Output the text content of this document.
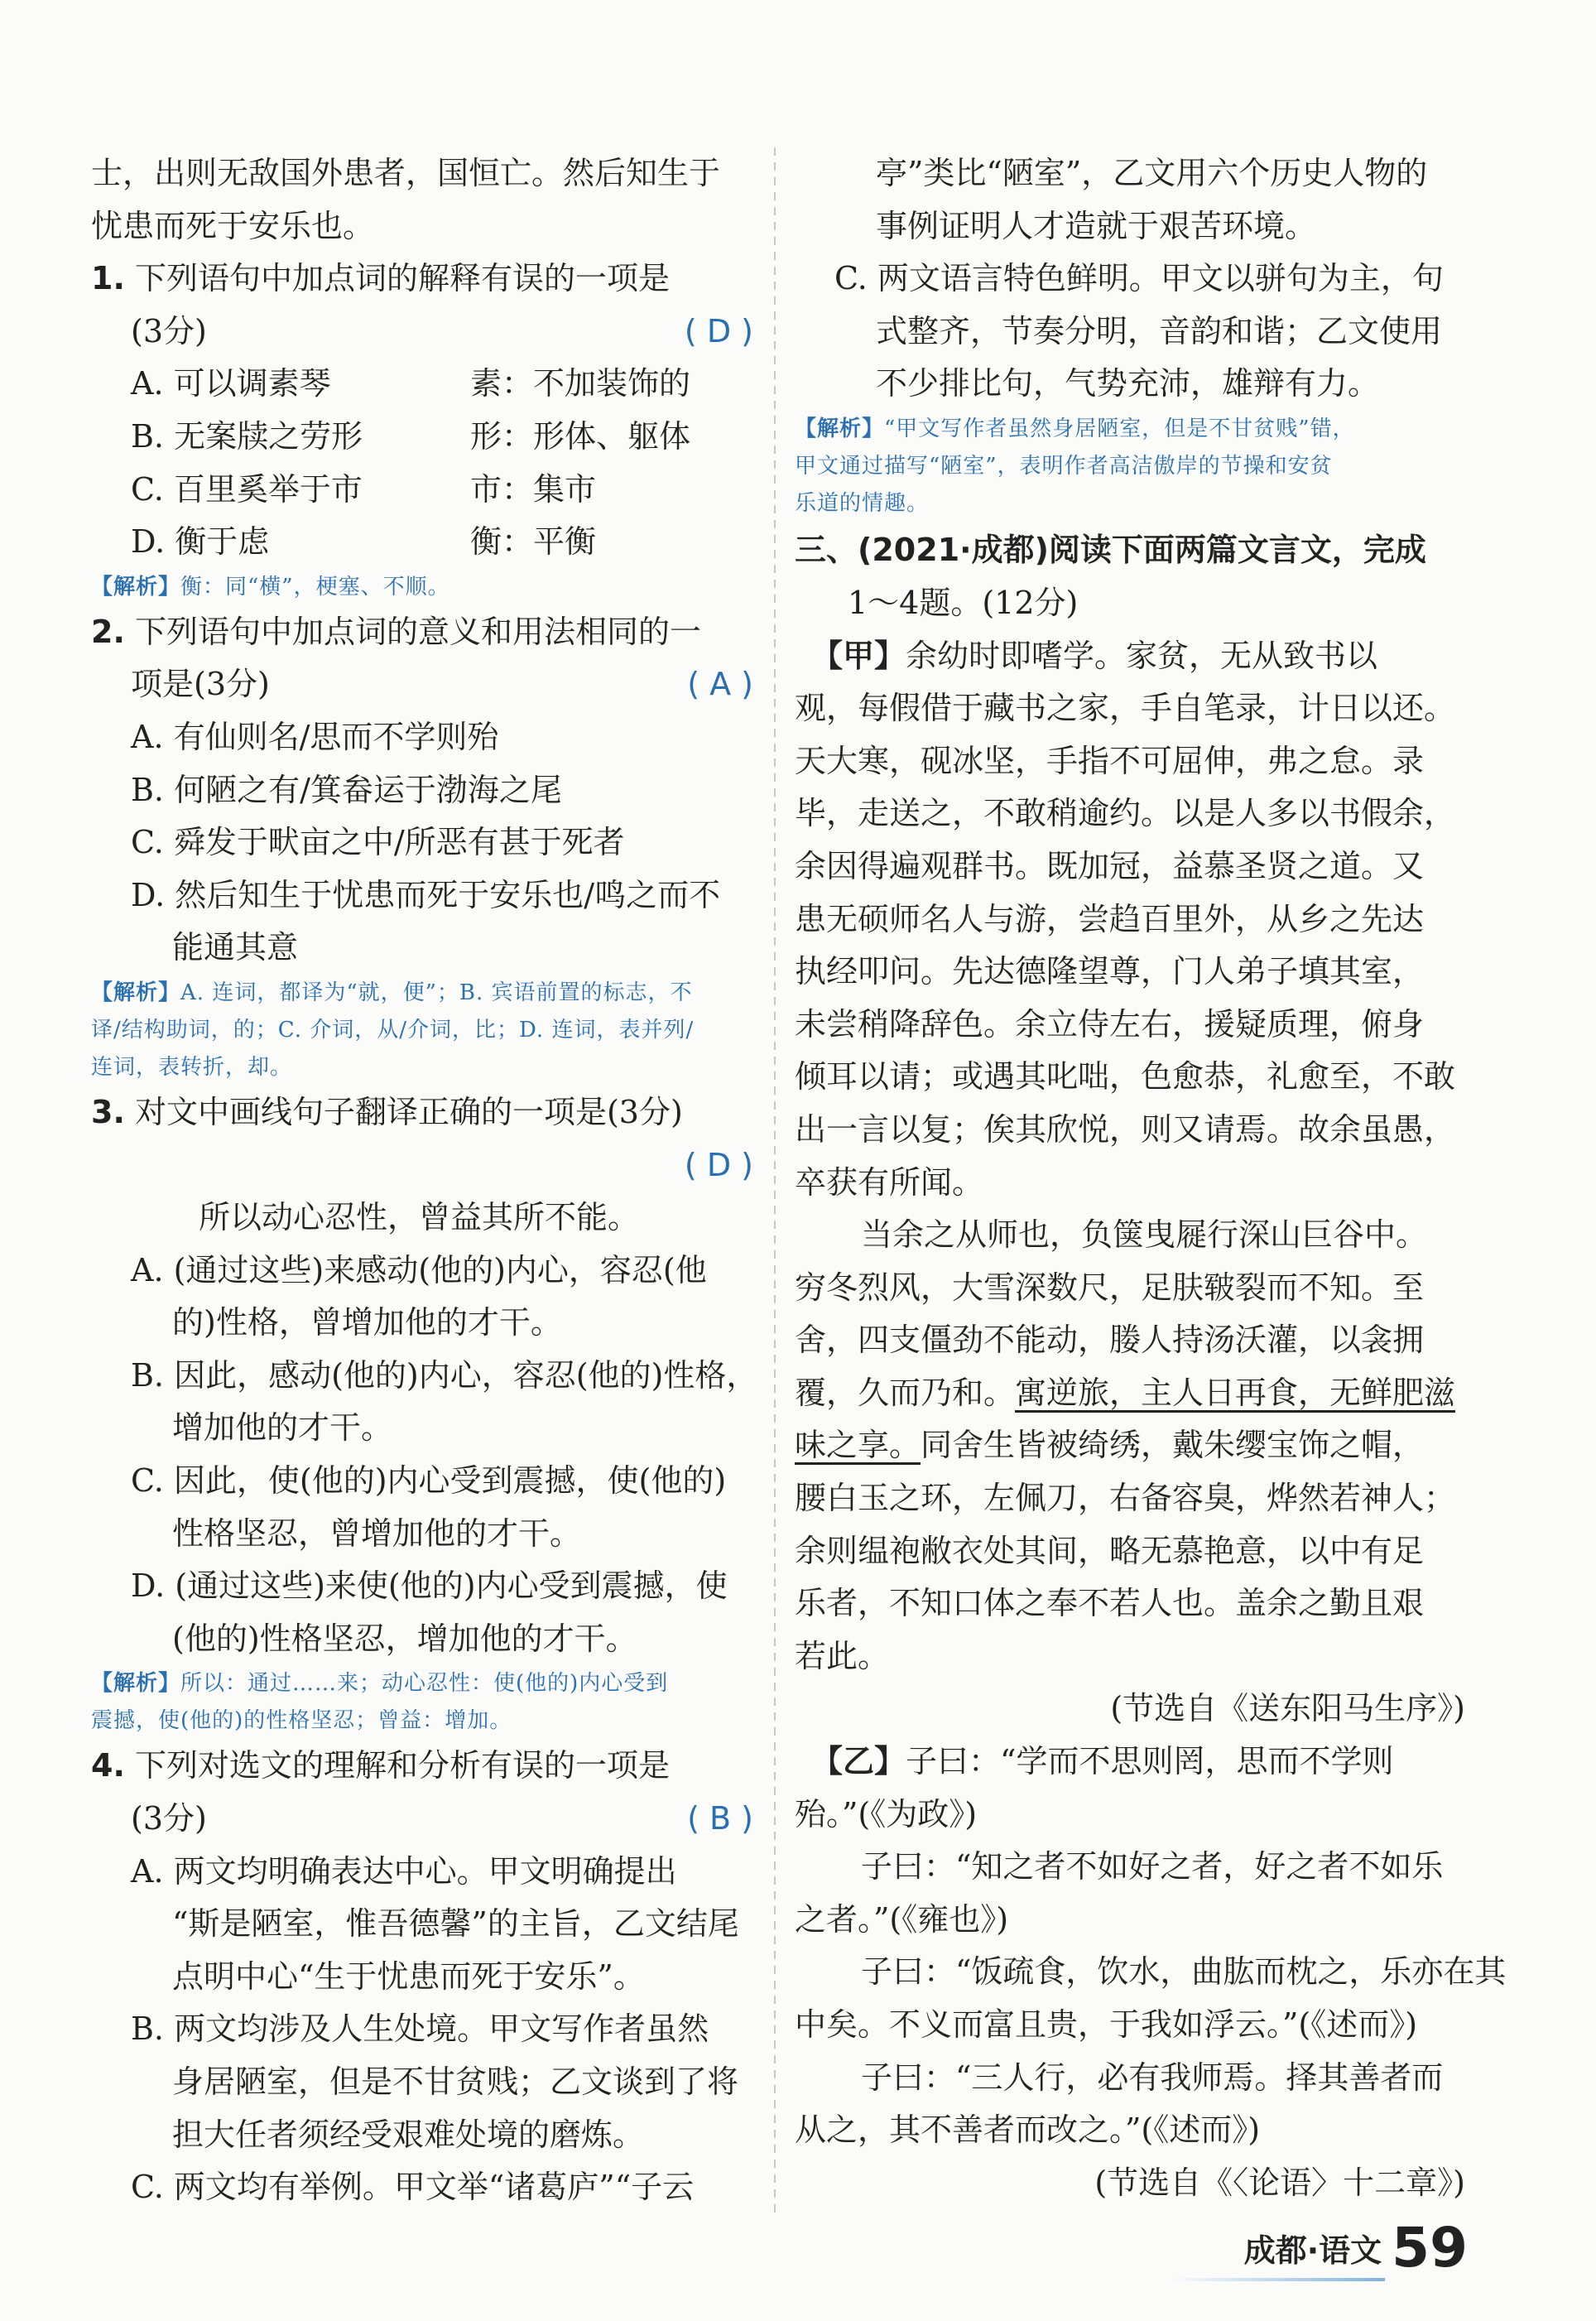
士，出则无敌国外患者，国恒亡。然后知生于
忧患而死于安乐也。
1. 下列语句中加点词的解释有误的一项是
(3分)	( D )
A. 可以调素琴	素：不加装饰的
B. 无案牍之劳形	形：形体、躯体
C. 百里奚举于市	市：集市
D. 衡于虑	衡：平衡
【解析】衡：同“横”，梗塞、不顺。
2. 下列语句中加点词的意义和用法相同的一
项是(3分)	( A )
A. 有仙则名/思而不学则殆
B. 何陋之有/箕畚运于渤海之尾
C. 舜发于畎亩之中/所恶有甚于死者
D. 然后知生于忧患而死于安乐也/鸣之而不
能通其意
【解析】A. 连词，都译为“就，便”；B. 宾语前置的标志，不
译/结构助词，的；C. 介词，从/介词，比；D. 连词，表并列/
连词，表转折，却。
3. 对文中画线句子翻译正确的一项是(3分)
( D )

所以动心忍性，曾益其所不能。
A. (通过这些)来感动(他的)内心，容忍(他
的)性格，曾增加他的才干。
B. 因此，感动(他的)内心，容忍(他的)性格，
增加他的才干。
C. 因此，使(他的)内心受到震撼，使(他的)
性格坚忍，曾增加他的才干。
D. (通过这些)来使(他的)内心受到震撼，使
(他的)性格坚忍，增加他的才干。
【解析】所以：通过……来；动心忍性：使(他的)内心受到
震撼，使(他的)的性格坚忍；曾益：增加。
4. 下列对选文的理解和分析有误的一项是
(3分)	( B )
A. 两文均明确表达中心。甲文明确提出
“斯是陋室，惟吾德馨”的主旨，乙文结尾
点明中心“生于忧患而死于安乐”。
B. 两文均涉及人生处境。甲文写作者虽然
身居陋室，但是不甘贫贱；乙文谈到了将
担大任者须经受艰难处境的磨炼。
C. 两文均有举例。甲文举“诸葛庐”“子云
亭”类比“陋室”，乙文用六个历史人物的
事例证明人才造就于艰苦环境。
C. 两文语言特色鲜明。甲文以骈句为主，句
式整齐，节奏分明，音韵和谐；乙文使用
不少排比句，气势充沛，雄辩有力。
【解析】“甲文写作者虽然身居陋室，但是不甘贫贱”错，
甲文通过描写“陋室”，表明作者高洁傲岸的节操和安贫
乐道的情趣。
三、(2021·成都)阅读下面两篇文言文，完成
1～4题。(12分)
【甲】余幼时即嗜学。家贫，无从致书以
观，每假借于藏书之家，手自笔录，计日以还。
天大寒，砚冰坚，手指不可屈伸，弗之怠。录
毕，走送之，不敢稍逾约。以是人多以书假余，
余因得遍观群书。既加冠，益慕圣贤之道。又
患无硕师名人与游，尝趋百里外，从乡之先达
执经叩问。先达德隆望尊，门人弟子填其室，
未尝稍降辞色。余立侍左右，援疑质理，俯身
倾耳以请；或遇其叱咄，色愈恭，礼愈至，不敢
出一言以复；俟其欣悦，则又请焉。故余虽愚，
卒获有所闻。
当余之从师也，负箧曳屣行深山巨谷中。
穷冬烈风，大雪深数尺，足肤皲裂而不知。至
舍，四支僵劲不能动，媵人持汤沃灌，以衾拥
覆，久而乃和。寓逆旅，主人日再食，无鲜肥滋
味之享。同舍生皆被绮绣，戴朱缨宝饰之帽，
腰白玉之环，左佩刀，右备容臭，烨然若神人；
余则缊袍敝衣处其间，略无慕艳意，以中有足
乐者，不知口体之奉不若人也。盖余之勤且艰
若此。
(节选自《送东阳马生序》)
【乙】子曰：“学而不思则罔，思而不学则
殆。”(《为政》)
子曰：“知之者不如好之者，好之者不如乐
之者。”(《雍也》)
子曰：“饭疏食，饮水，曲肱而枕之，乐亦在其
中矣。不义而富且贵，于我如浮云。”(《述而》)
子曰：“三人行，必有我师焉。择其善者而
从之，其不善者而改之。”(《述而》)
(节选自《〈论语〉十二章》)
成都·语文 59
